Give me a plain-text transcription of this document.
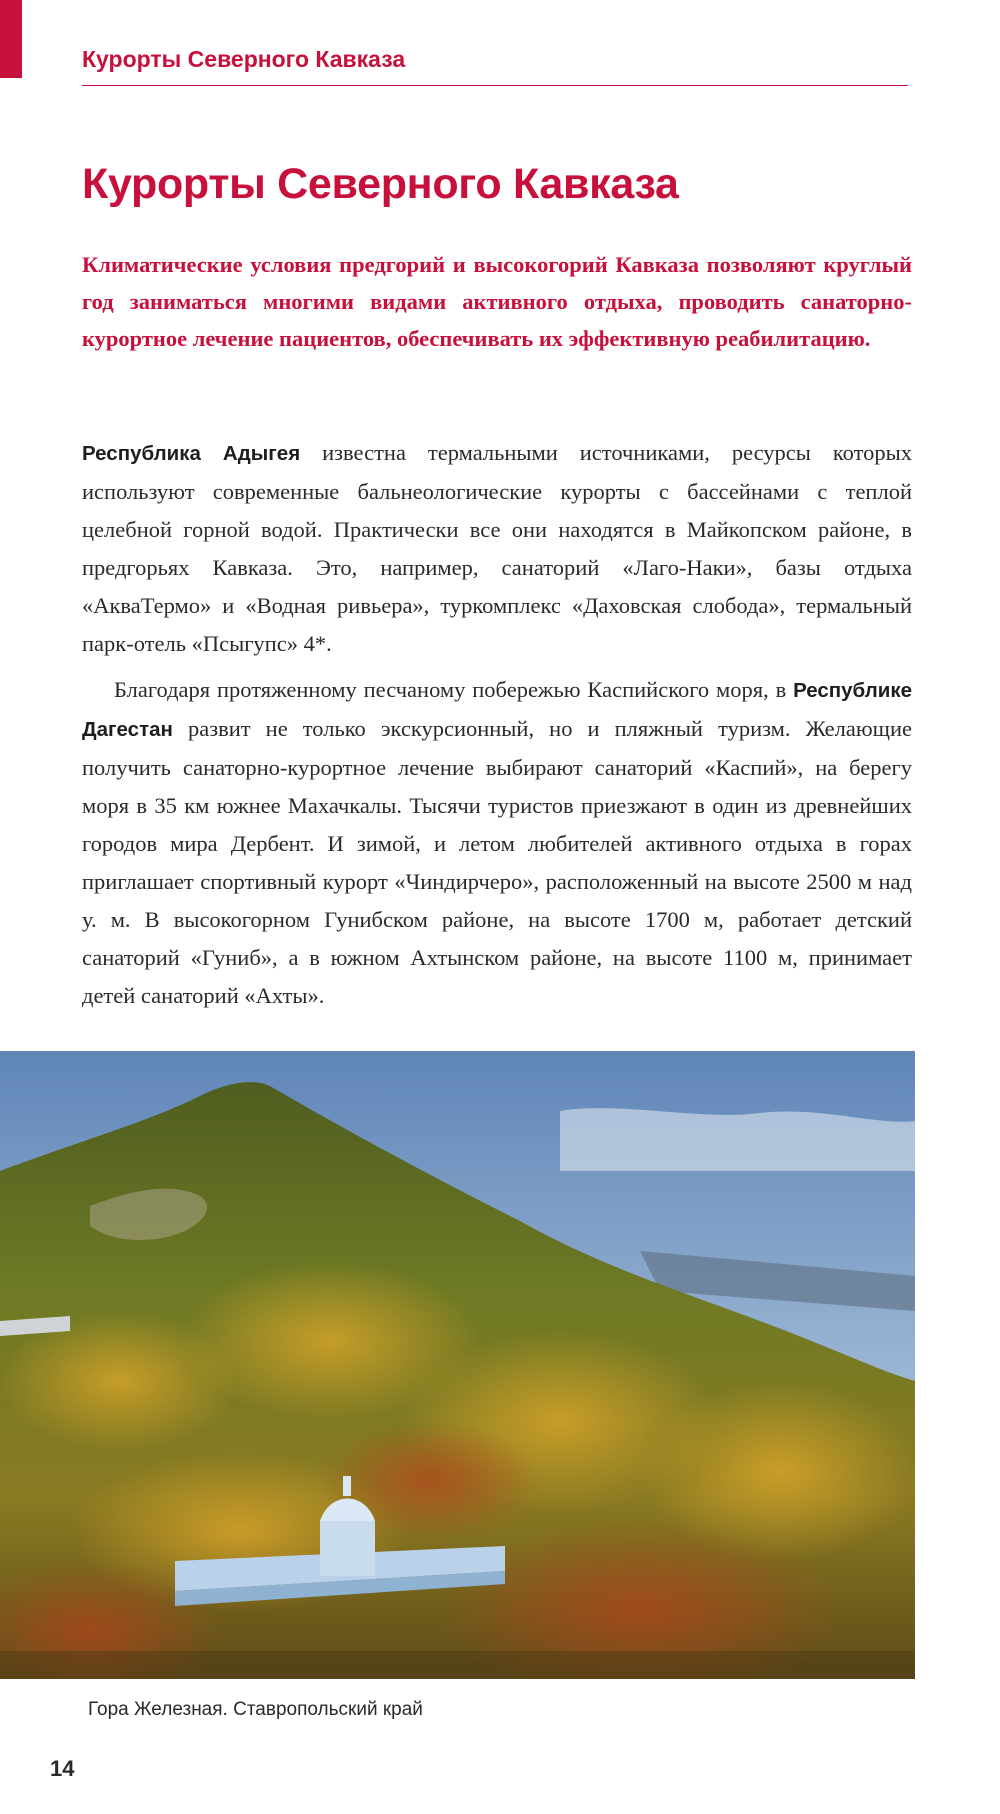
Курорты Северного Кавказа
Курорты Северного Кавказа

Климатические условия предгорий и высокогорий Кавказа позволяют круглый год заниматься многими видами активного отдыха, проводить санаторно-курортное лечение пациентов, обеспечивать их эффективную реабилитацию.

Республика Адыгея известна термальными источниками, ресурсы которых используют современные бальнеологические курорты с бассейнами с теплой целебной горной водой. Практически все они находятся в Майкопском районе, в предгорьях Кавказа. Это, например, санаторий «Лаго-Наки», базы отдыха «АкваТермо» и «Водная ривьера», туркомплекс «Даховская слобода», термальный парк-отель «Псыгупс» 4*.

Благодаря протяженному песчаному побережью Каспийского моря, в Республике Дагестан развит не только экскурсионный, но и пляжный туризм. Желающие получить санаторно-курортное лечение выбирают санаторий «Каспий», на берегу моря в 35 км южнее Махачкалы. Тысячи туристов приезжают в один из древнейших городов мира Дербент. И зимой, и летом любителей активного отдыха в горах приглашает спортивный курорт «Чиндирчеро», расположенный на высоте 2500 м над у. м. В высокогорном Гунибском районе, на высоте 1700 м, работает детский санаторий «Гуниб», а в южном Ахтынском районе, на высоте 1100 м, принимает детей санаторий «Ахты».

Гора Железная. Ставропольский край
14
